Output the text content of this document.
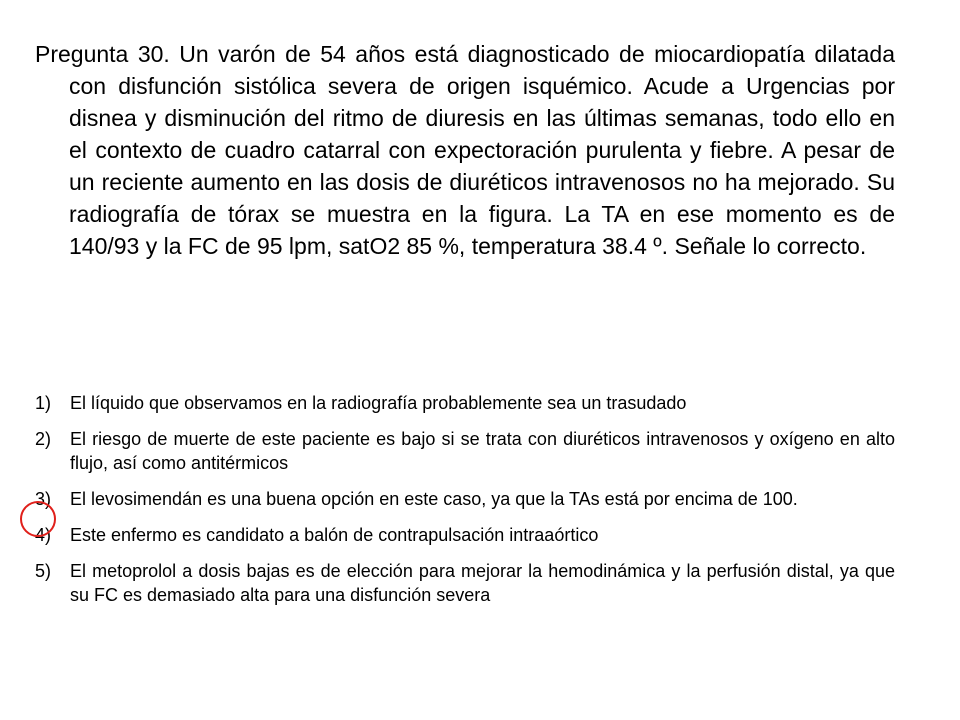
Pregunta 30. Un varón de 54 años está diagnosticado de miocardiopatía dilatada con disfunción sistólica severa de origen isquémico. Acude a Urgencias por disnea y disminución del ritmo de diuresis en las últimas semanas, todo ello en el contexto de cuadro catarral con expectoración purulenta y fiebre. A pesar de un reciente aumento en las dosis de diuréticos intravenosos no ha mejorado. Su radiografía de tórax se muestra en la figura. La TA en ese momento es de 140/93 y la FC de 95 lpm, satO2 85 %, temperatura 38.4 º. Señale lo correcto.

1) El líquido que observamos en la radiografía probablemente sea un trasudado
2) El riesgo de muerte de este paciente es bajo si se trata con diuréticos intravenosos y oxígeno en alto flujo, así como antitérmicos
3) El levosimendán es una buena opción en este caso, ya que la TAs está por encima de 100.
4) Este enfermo es candidato a balón de contrapulsación intraaórtico
5) El metoprolol a dosis bajas es de elección para mejorar la hemodinámica y la perfusión distal, ya que su FC es demasiado alta para una disfunción severa
